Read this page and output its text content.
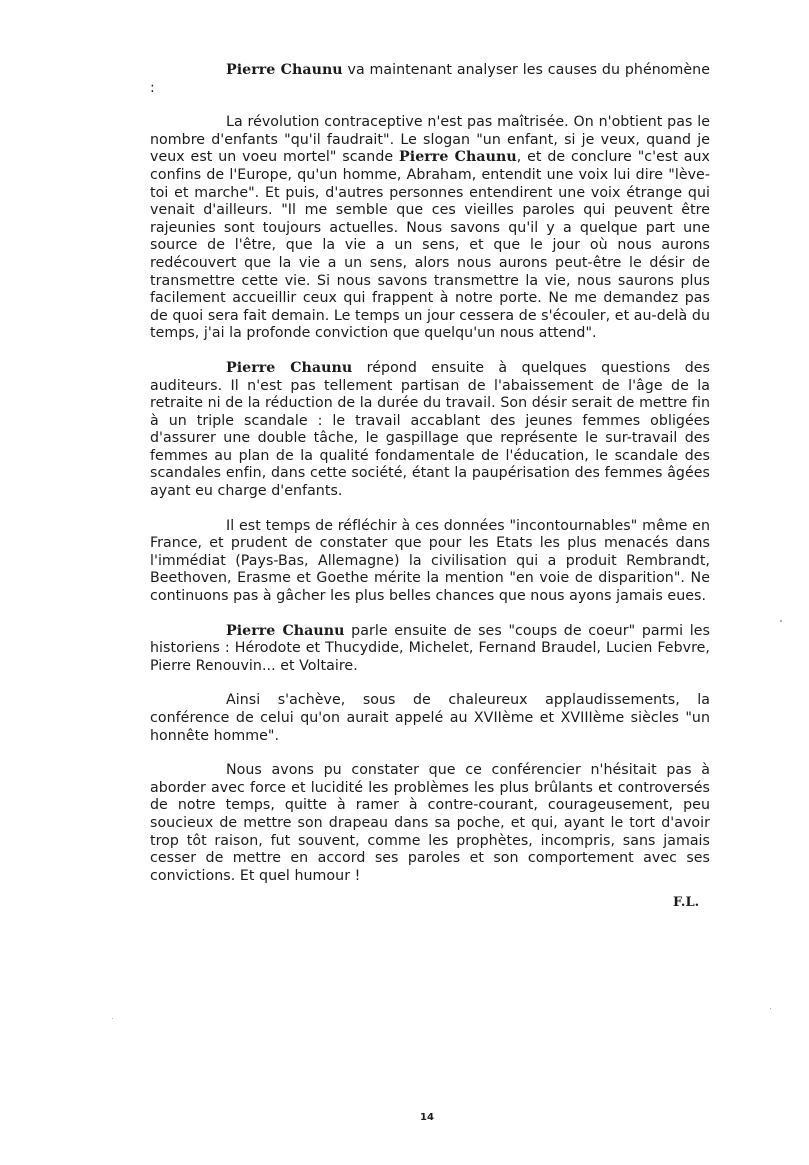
Pierre Chaunu va maintenant analyser les causes du phénomène :

La révolution contraceptive n'est pas maîtrisée. On n'obtient pas le nombre d'enfants "qu'il faudrait". Le slogan "un enfant, si je veux, quand je veux est un voeu mortel" scande Pierre Chaunu, et de conclure "c'est aux confins de l'Europe, qu'un homme, Abraham, entendit une voix lui dire "lève-toi et marche". Et puis, d'autres personnes entendirent une voix étrange qui venait d'ailleurs. "Il me semble que ces vieilles paroles qui peuvent être rajeunies sont toujours actuelles. Nous savons qu'il y a quelque part une source de l'être, que la vie a un sens, et que le jour où nous aurons redécouvert que la vie a un sens, alors nous aurons peut-être le désir de transmettre cette vie. Si nous savons transmettre la vie, nous saurons plus facilement accueillir ceux qui frappent à notre porte. Ne me demandez pas de quoi sera fait demain. Le temps un jour cessera de s'écouler, et au-delà du temps, j'ai la profonde conviction que quelqu'un nous attend".

Pierre Chaunu répond ensuite à quelques questions des auditeurs. Il n'est pas tellement partisan de l'abaissement de l'âge de la retraite ni de la réduction de la durée du travail. Son désir serait de mettre fin à un triple scandale : le travail accablant des jeunes femmes obligées d'assurer une double tâche, le gaspillage que représente le sur-travail des femmes au plan de la qualité fondamentale de l'éducation, le scandale des scandales enfin, dans cette société, étant la paupérisation des femmes âgées ayant eu charge d'enfants.

Il est temps de réfléchir à ces données "incontournables" même en France, et prudent de constater que pour les Etats les plus menacés dans l'immédiat (Pays-Bas, Allemagne) la civilisation qui a produit Rembrandt, Beethoven, Erasme et Goethe mérite la mention "en voie de disparition". Ne continuons pas à gâcher les plus belles chances que nous ayons jamais eues.

Pierre Chaunu parle ensuite de ses "coups de coeur" parmi les historiens : Hérodote et Thucydide, Michelet, Fernand Braudel, Lucien Febvre, Pierre Renouvin... et Voltaire.

Ainsi s'achève, sous de chaleureux applaudissements, la conférence de celui qu'on aurait appelé au XVIIème et XVIIIème siècles "un honnête homme".

Nous avons pu constater que ce conférencier n'hésitait pas à aborder avec force et lucidité les problèmes les plus brûlants et controversés de notre temps, quitte à ramer à contre-courant, courageusement, peu soucieux de mettre son drapeau dans sa poche, et qui, ayant le tort d'avoir trop tôt raison, fut souvent, comme les prophètes, incompris, sans jamais cesser de mettre en accord ses paroles et son comportement avec ses convictions. Et quel humour !

F.L.
14
